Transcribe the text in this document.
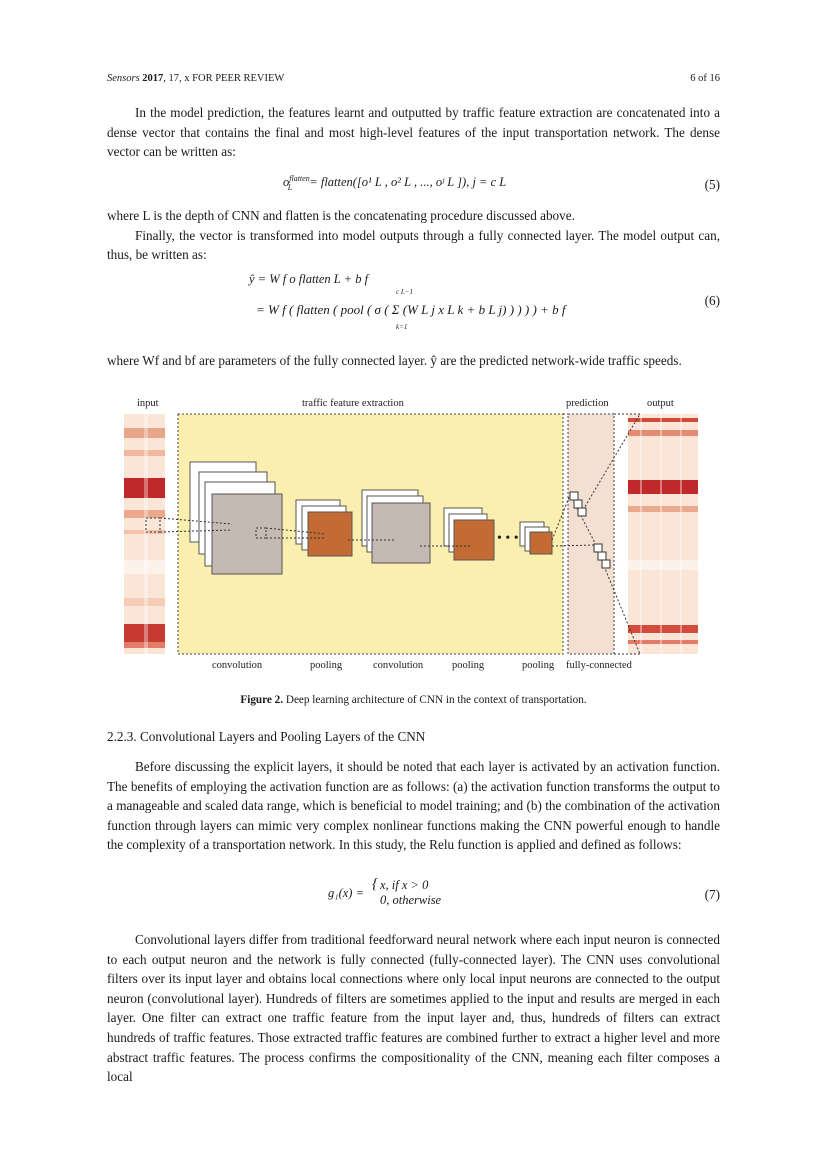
Sensors 2017, 17, x FOR PEER REVIEW	6 of 16

In the model prediction, the features learnt and outputted by traffic feature extraction are concatenated into a dense vector that contains the final and most high-level features of the input transportation network. The dense vector can be written as:

$o^{flatten}_L$ = flatten([o¹ L , o² L , ..., oʲ L ]), j = c L	(5)

where L is the depth of CNN and flatten is the concatenating procedure discussed above.

Finally, the vector is transformed into model outputs through a fully connected layer. The model output can, thus, be written as:

ŷ = W f o flatten L + b f
= W f ( flatten ( pool ( σ ( Σ (W L j x L k + b L j) ) ) ) ) + b f
c L−1
k=1
(6)

where Wf and bf are parameters of the fully connected layer. ŷ are the predicted network-wide traffic speeds.

input	traffic feature extraction	prediction	output
• • •
convolution	pooling	convolution	pooling	pooling fully-connected
Figure 2. Deep learning architecture of CNN in the context of transportation.
2.2.3. Convolutional Layers and Pooling Layers of the CNN

Before discussing the explicit layers, it should be noted that each layer is activated by an activation function. The benefits of employing the activation function are as follows: (a) the activation function transforms the output to a manageable and scaled data range, which is beneficial to model training; and (b) the combination of the activation function through layers can mimic very complex nonlinear functions making the CNN powerful enough to handle the complexity of a transportation network. In this study, the Relu function is applied and defined as follows:

g₁(x) =
{ x, if x > 0
0, otherwise	(7)

Convolutional layers differ from traditional feedforward neural network where each input neuron is connected to each output neuron and the network is fully connected (fully-connected layer). The CNN uses convolutional filters over its input layer and obtains local connections where only local input neurons are connected to the output neuron (convolutional layer). Hundreds of filters are sometimes applied to the input and results are merged in each layer. One filter can extract one traffic feature from the input layer and, thus, hundreds of filters can extract hundreds of traffic features. Those extracted traffic features are combined further to extract a higher level and more abstract traffic features. The process confirms the compositionality of the CNN, meaning each filter composes a local
